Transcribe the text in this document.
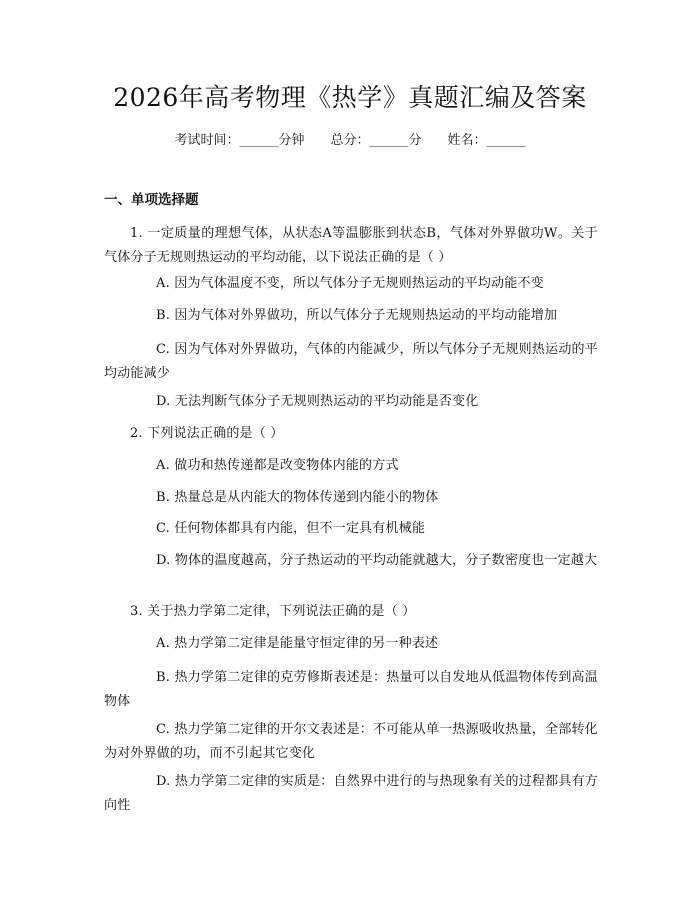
2026年高考物理《热学》真题汇编及答案
考试时间：______分钟 总分：______分 姓名：______
一、单项选择题
1. 一定质量的理想气体，从状态A等温膨胀到状态B，气体对外界做功W。关于气体分子无规则热运动的平均动能，以下说法正确的是（ ）
A. 因为气体温度不变，所以气体分子无规则热运动的平均动能不变
B. 因为气体对外界做功，所以气体分子无规则热运动的平均动能增加
C. 因为气体对外界做功，气体的内能减少，所以气体分子无规则热运动的平均动能减少
D. 无法判断气体分子无规则热运动的平均动能是否变化
2. 下列说法正确的是（ ）
A. 做功和热传递都是改变物体内能的方式
B. 热量总是从内能大的物体传递到内能小的物体
C. 任何物体都具有内能，但不一定具有机械能
D. 物体的温度越高，分子热运动的平均动能就越大，分子数密度也一定越大
3. 关于热力学第二定律，下列说法正确的是（ ）
A. 热力学第二定律是能量守恒定律的另一种表述
B. 热力学第二定律的克劳修斯表述是：热量可以自发地从低温物体传到高温物体
C. 热力学第二定律的开尔文表述是：不可能从单一热源吸收热量，全部转化为对外界做的功，而不引起其它变化
D. 热力学第二定律的实质是：自然界中进行的与热现象有关的过程都具有方向性
